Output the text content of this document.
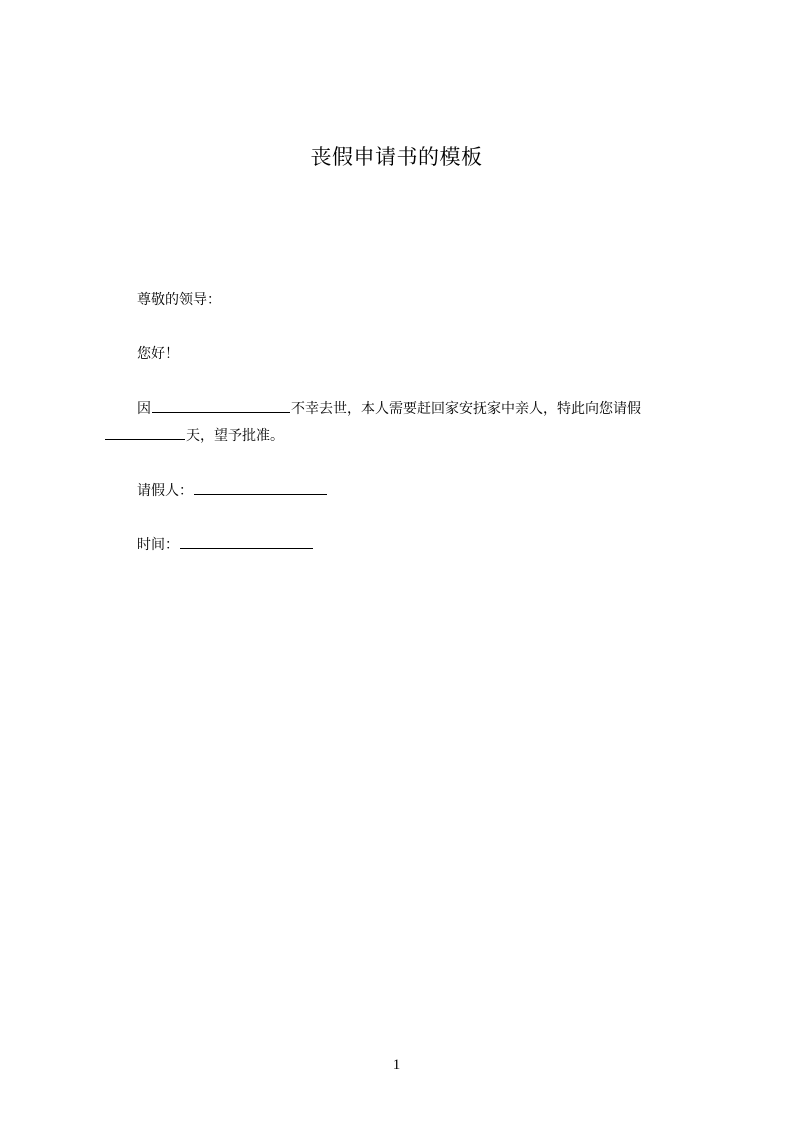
丧假申请书的模板
尊敬的领导：
您好！
因	不幸去世，本人需要赶回家安抚家中亲人，特此向您请假
天，望予批准。
请假人：
时间：
1
